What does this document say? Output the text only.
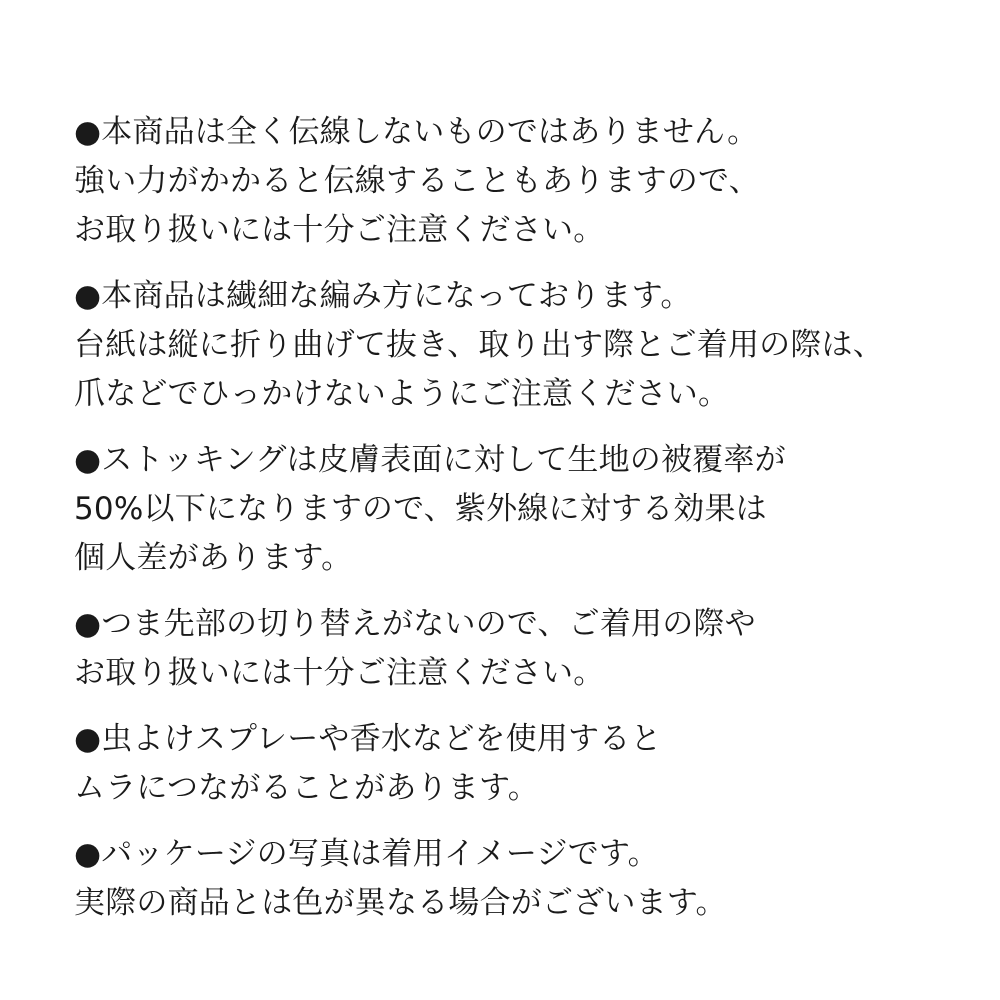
●本商品は全く伝線しないものではありません。
強い力がかかると伝線することもありますので、
お取り扱いには十分ご注意ください。
●本商品は繊細な編み方になっております。
台紙は縦に折り曲げて抜き、取り出す際とご着用の際は、
爪などでひっかけないようにご注意ください。
●ストッキングは皮膚表面に対して生地の被覆率が
50%以下になりますので、紫外線に対する効果は
個人差があります。
●つま先部の切り替えがないので、ご着用の際や
お取り扱いには十分ご注意ください。
●虫よけスプレーや香水などを使用すると
ムラにつながることがあります。
●パッケージの写真は着用イメージです。
実際の商品とは色が異なる場合がございます。
